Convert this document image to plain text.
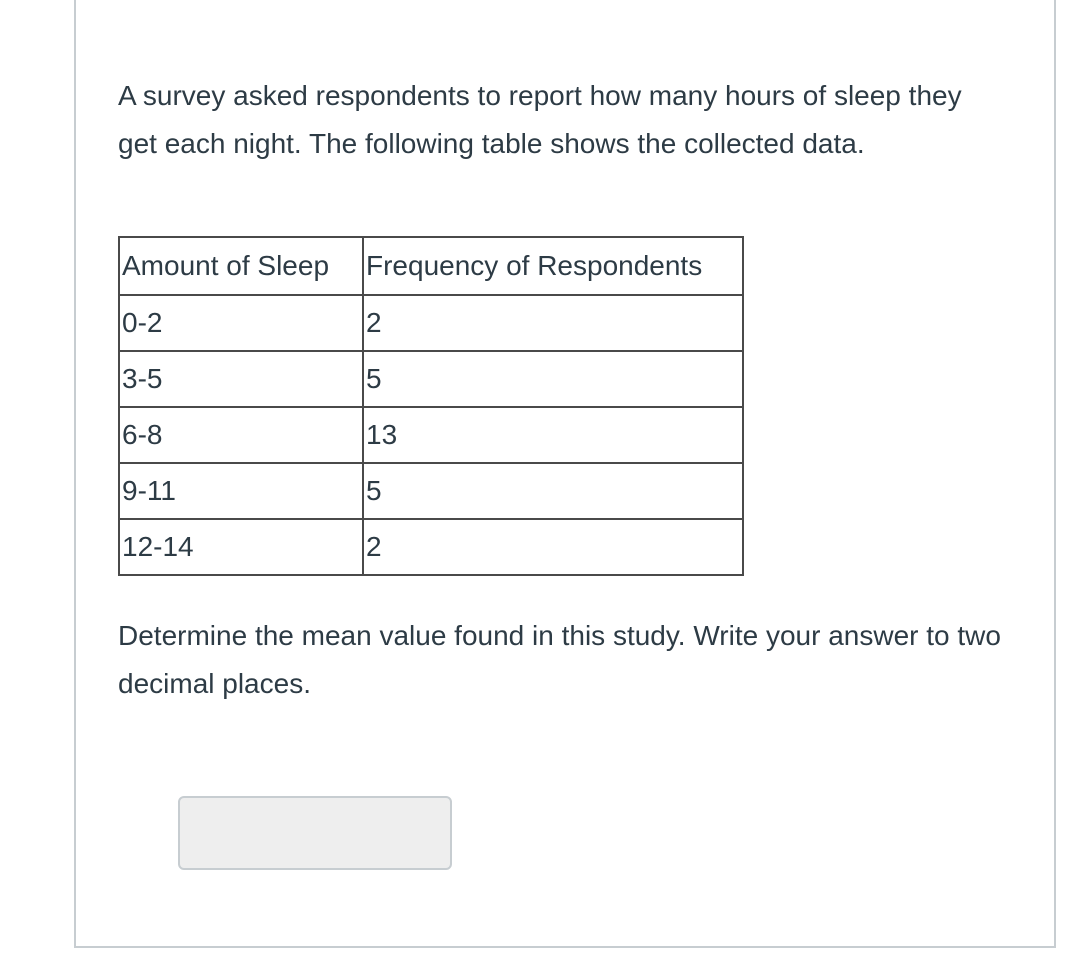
A survey asked respondents to report how many hours of sleep they get each night. The following table shows the collected data.

Amount of Sleep	Frequency of Respondents
0-2	2
3-5	5
6-8	13
9-11	5
12-14	2

Determine the mean value found in this study. Write your answer to two decimal places.
